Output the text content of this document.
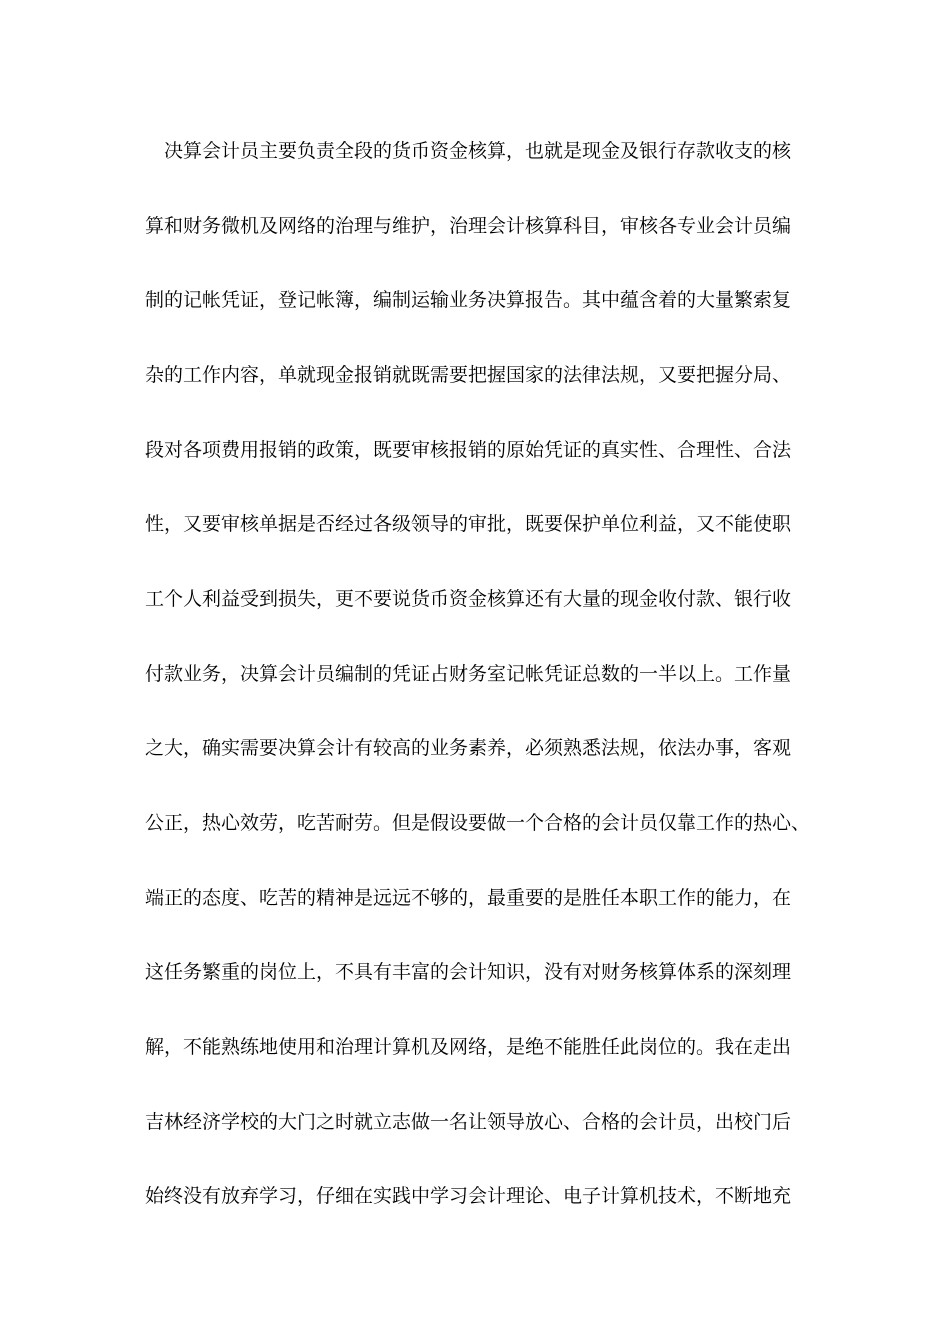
决算会计员主要负责全段的货币资金核算，也就是现金及银行存款收支的核
算和财务微机及网络的治理与维护，治理会计核算科目，审核各专业会计员编
制的记帐凭证，登记帐簿，编制运输业务决算报告。其中蕴含着的大量繁索复
杂的工作内容，单就现金报销就既需要把握国家的法律法规，又要把握分局、
段对各项费用报销的政策，既要审核报销的原始凭证的真实性、合理性、合法
性，又要审核单据是否经过各级领导的审批，既要保护单位利益，又不能使职
工个人利益受到损失，更不要说货币资金核算还有大量的现金收付款、银行收
付款业务，决算会计员编制的凭证占财务室记帐凭证总数的一半以上。工作量
之大，确实需要决算会计有较高的业务素养，必须熟悉法规，依法办事，客观
公正，热心效劳，吃苦耐劳。但是假设要做一个合格的会计员仅靠工作的热心、
端正的态度、吃苦的精神是远远不够的，最重要的是胜任本职工作的能力，在
这任务繁重的岗位上，不具有丰富的会计知识，没有对财务核算体系的深刻理
解，不能熟练地使用和治理计算机及网络，是绝不能胜任此岗位的。我在走出
吉林经济学校的大门之时就立志做一名让领导放心、合格的会计员，出校门后
始终没有放弃学习，仔细在实践中学习会计理论、电子计算机技术，不断地充
